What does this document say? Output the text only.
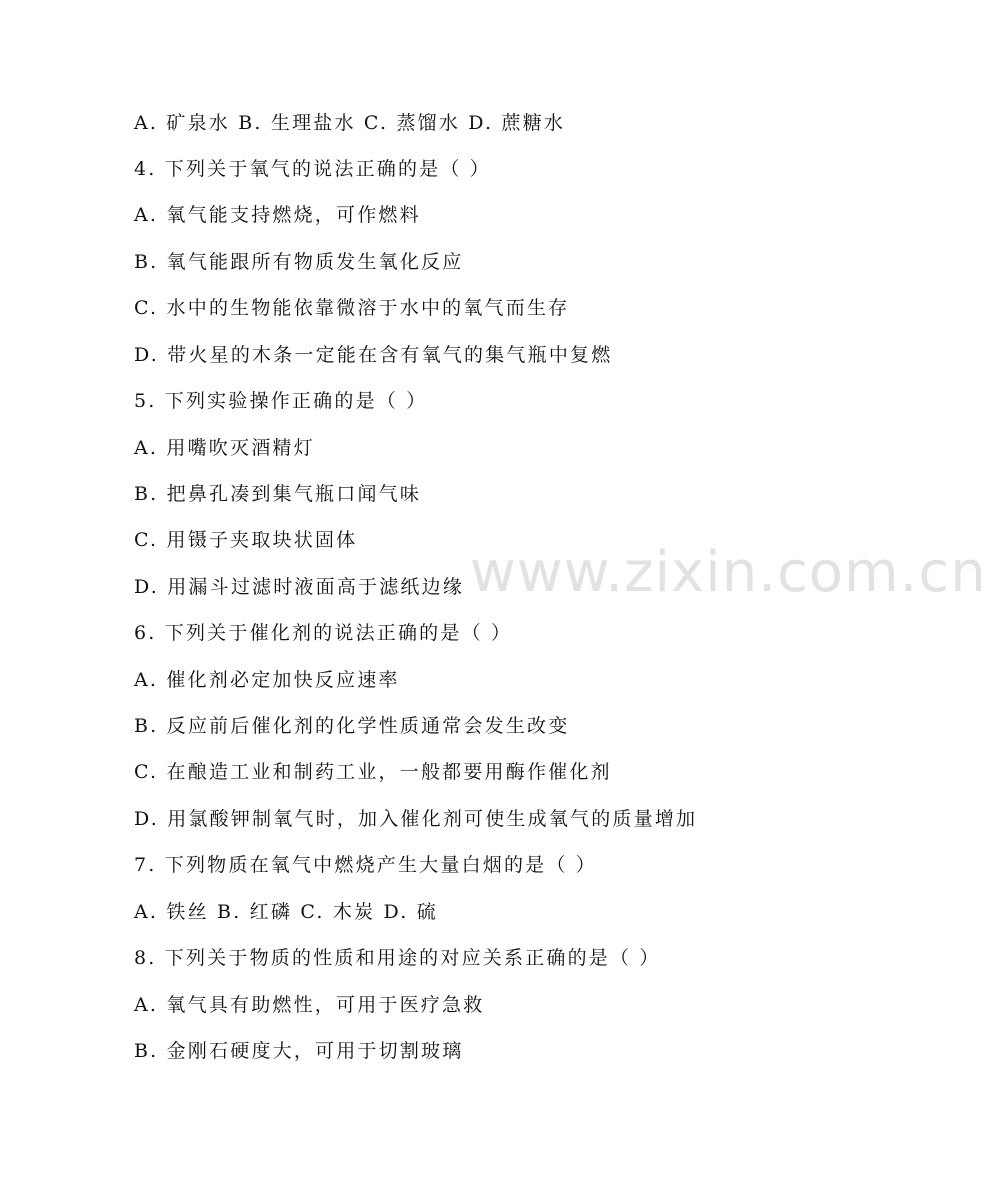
A. 矿泉水 B. 生理盐水 C. 蒸馏水 D. 蔗糖水
4. 下列关于氧气的说法正确的是（ ）
A. 氧气能支持燃烧，可作燃料
B. 氧气能跟所有物质发生氧化反应
C. 水中的生物能依靠微溶于水中的氧气而生存
D. 带火星的木条一定能在含有氧气的集气瓶中复燃
5. 下列实验操作正确的是（ ）
A. 用嘴吹灭酒精灯
B. 把鼻孔凑到集气瓶口闻气味
C. 用镊子夹取块状固体
D. 用漏斗过滤时液面高于滤纸边缘
6. 下列关于催化剂的说法正确的是（ ）
A. 催化剂必定加快反应速率
B. 反应前后催化剂的化学性质通常会发生改变
C. 在酿造工业和制药工业，一般都要用酶作催化剂
D. 用氯酸钾制氧气时，加入催化剂可使生成氧气的质量增加
7. 下列物质在氧气中燃烧产生大量白烟的是（ ）
A. 铁丝 B. 红磷 C. 木炭 D. 硫
8. 下列关于物质的性质和用途的对应关系正确的是（ ）
A. 氧气具有助燃性，可用于医疗急救
B. 金刚石硬度大，可用于切割玻璃
www.zixin.com.cn
